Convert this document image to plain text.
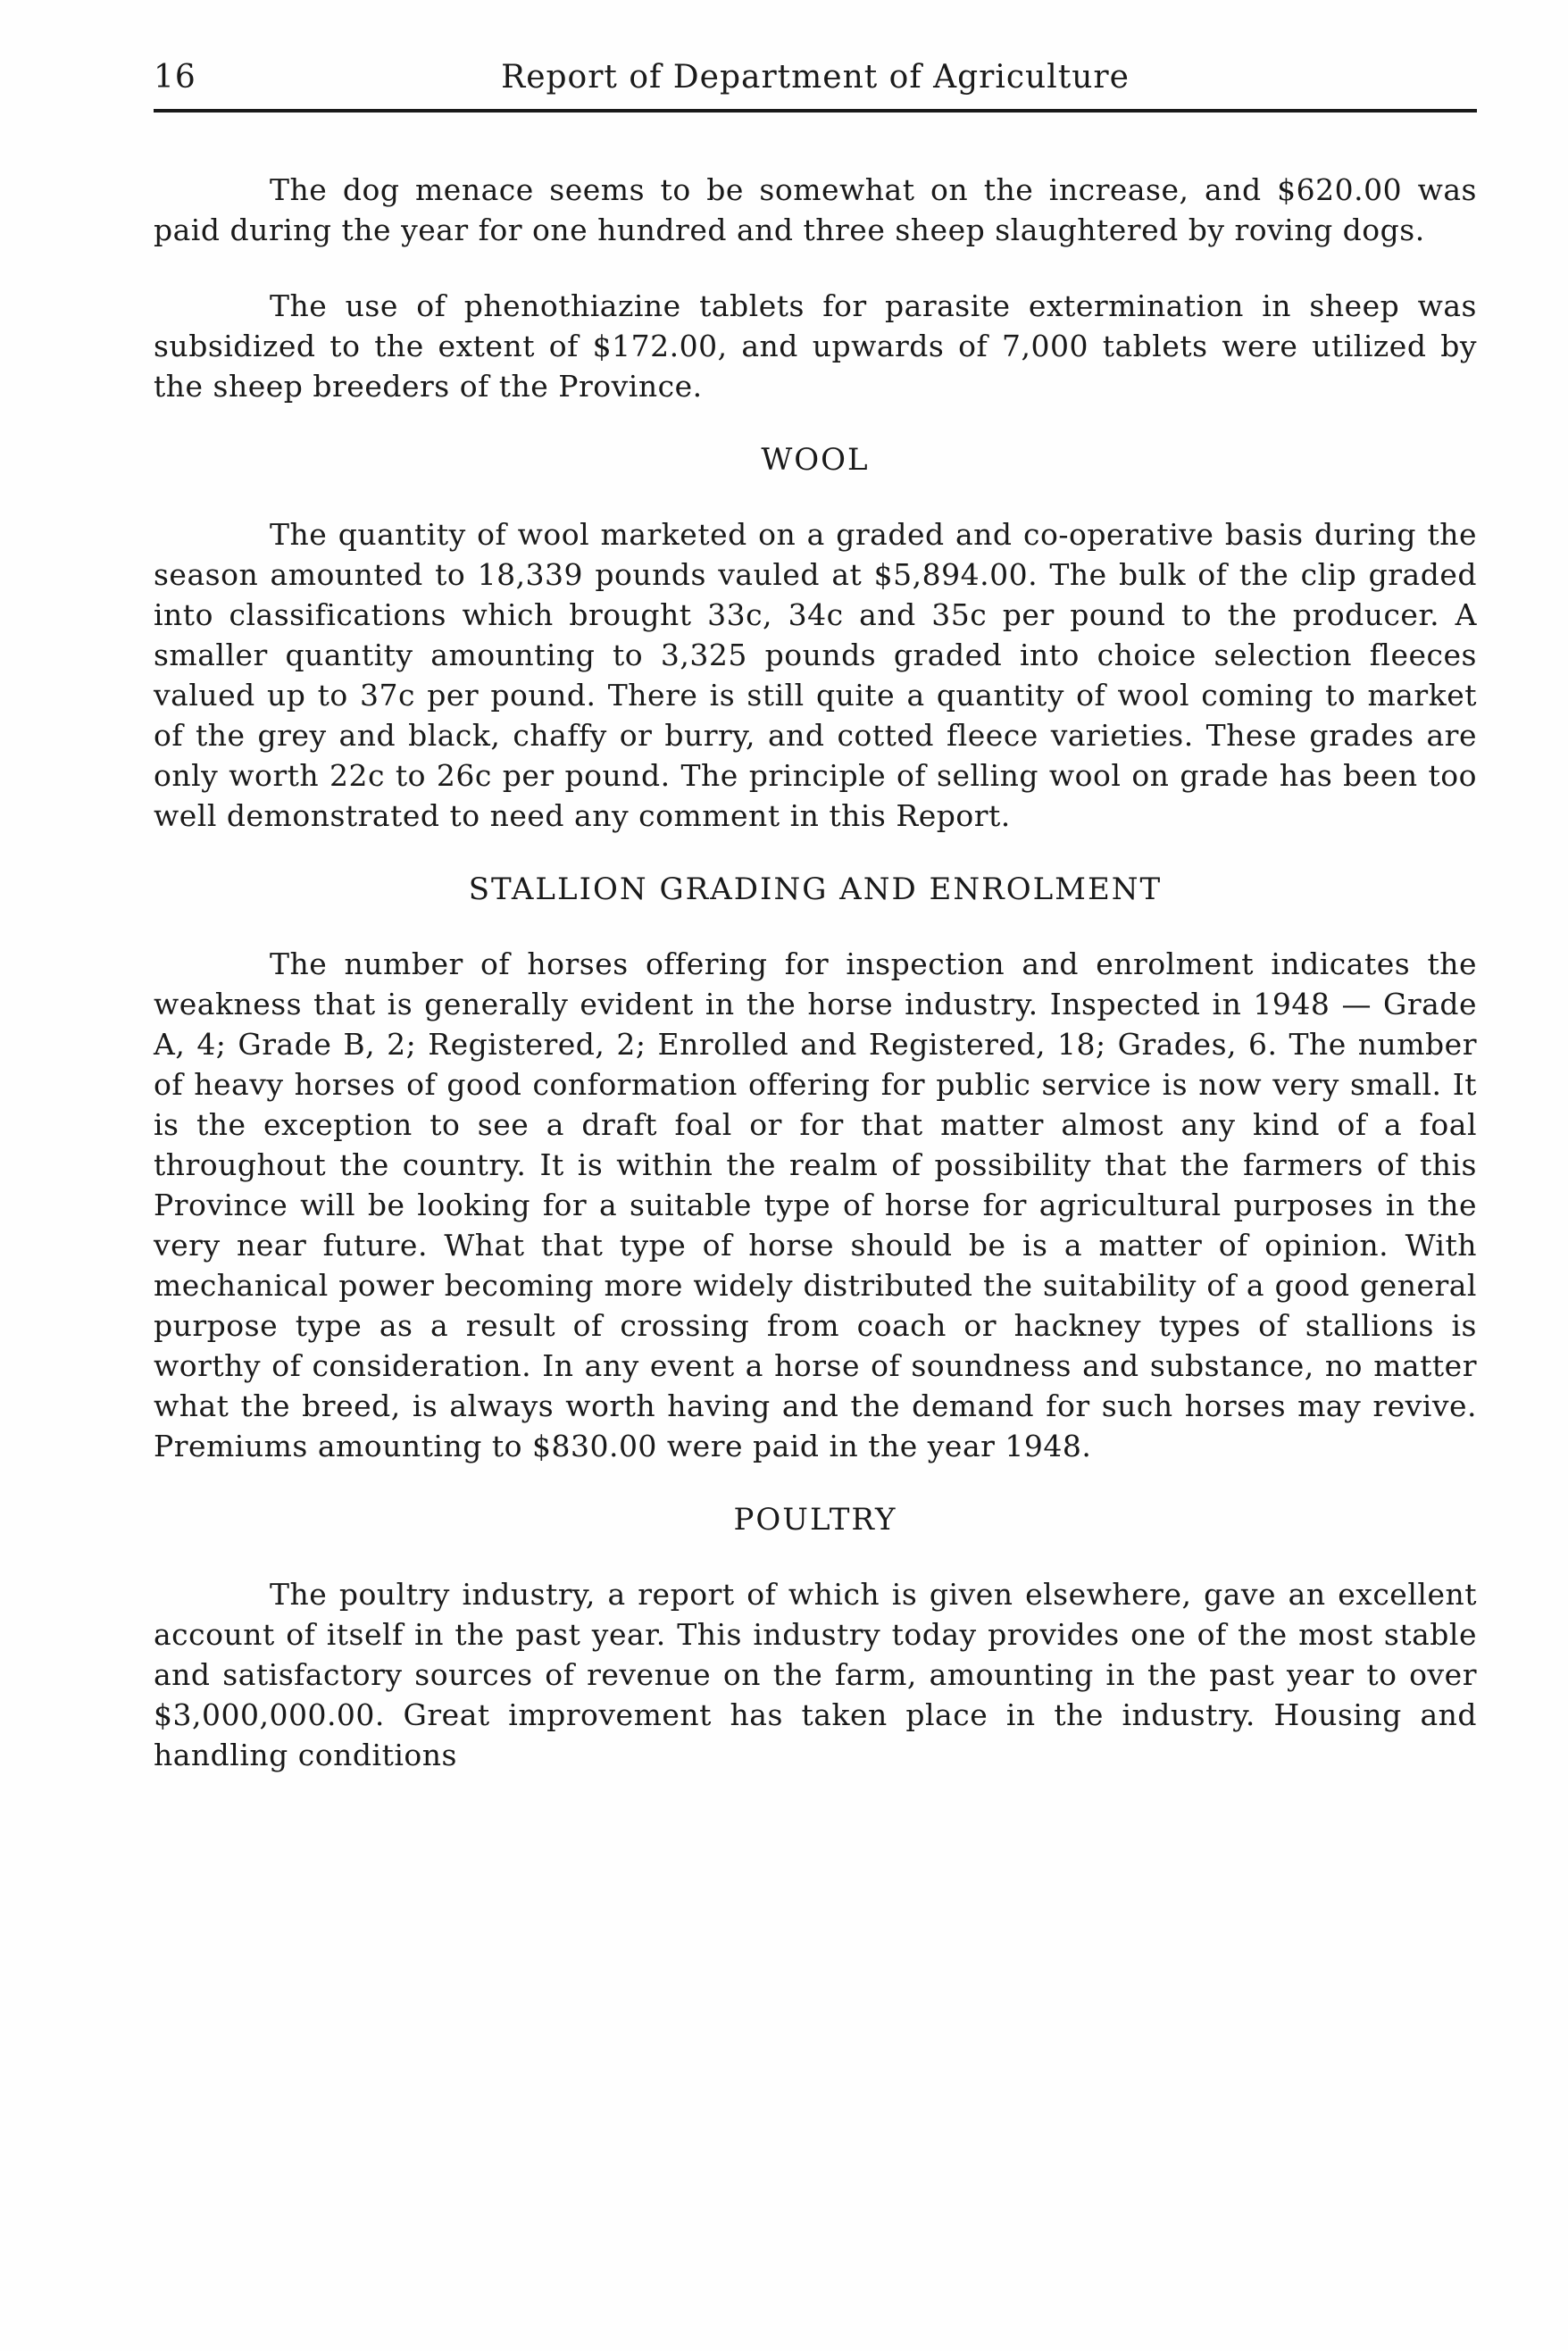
16	Report of Department of Agriculture

The dog menace seems to be somewhat on the increase, and $620.00 was paid during the year for one hundred and three sheep slaughtered by roving dogs.

The use of phenothiazine tablets for parasite extermination in sheep was subsidized to the extent of $172.00, and upwards of 7,000 tablets were utilized by the sheep breeders of the Province.

WOOL

The quantity of wool marketed on a graded and co-operative basis during the season amounted to 18,339 pounds vauled at $5,894.00. The bulk of the clip graded into classifications which brought 33c, 34c and 35c per pound to the producer. A smaller quantity amounting to 3,325 pounds graded into choice selection fleeces valued up to 37c per pound. There is still quite a quantity of wool coming to market of the grey and black, chaffy or burry, and cotted fleece varieties. These grades are only worth 22c to 26c per pound. The principle of selling wool on grade has been too well demonstrated to need any comment in this Report.

STALLION GRADING AND ENROLMENT

The number of horses offering for inspection and enrolment indicates the weakness that is generally evident in the horse industry. Inspected in 1948 — Grade A, 4; Grade B, 2; Registered, 2; Enrolled and Registered, 18; Grades, 6. The number of heavy horses of good conformation offering for public service is now very small. It is the exception to see a draft foal or for that matter almost any kind of a foal throughout the country. It is within the realm of possibility that the farmers of this Province will be looking for a suitable type of horse for agricultural purposes in the very near future. What that type of horse should be is a matter of opinion. With mechanical power becoming more widely distributed the suitability of a good general purpose type as a result of crossing from coach or hackney types of stallions is worthy of consideration. In any event a horse of soundness and substance, no matter what the breed, is always worth having and the demand for such horses may revive. Premiums amounting to $830.00 were paid in the year 1948.

POULTRY

The poultry industry, a report of which is given elsewhere, gave an excellent account of itself in the past year. This industry today provides one of the most stable and satisfactory sources of revenue on the farm, amounting in the past year to over $3,000,000.00. Great improvement has taken place in the industry. Housing and handling conditions
